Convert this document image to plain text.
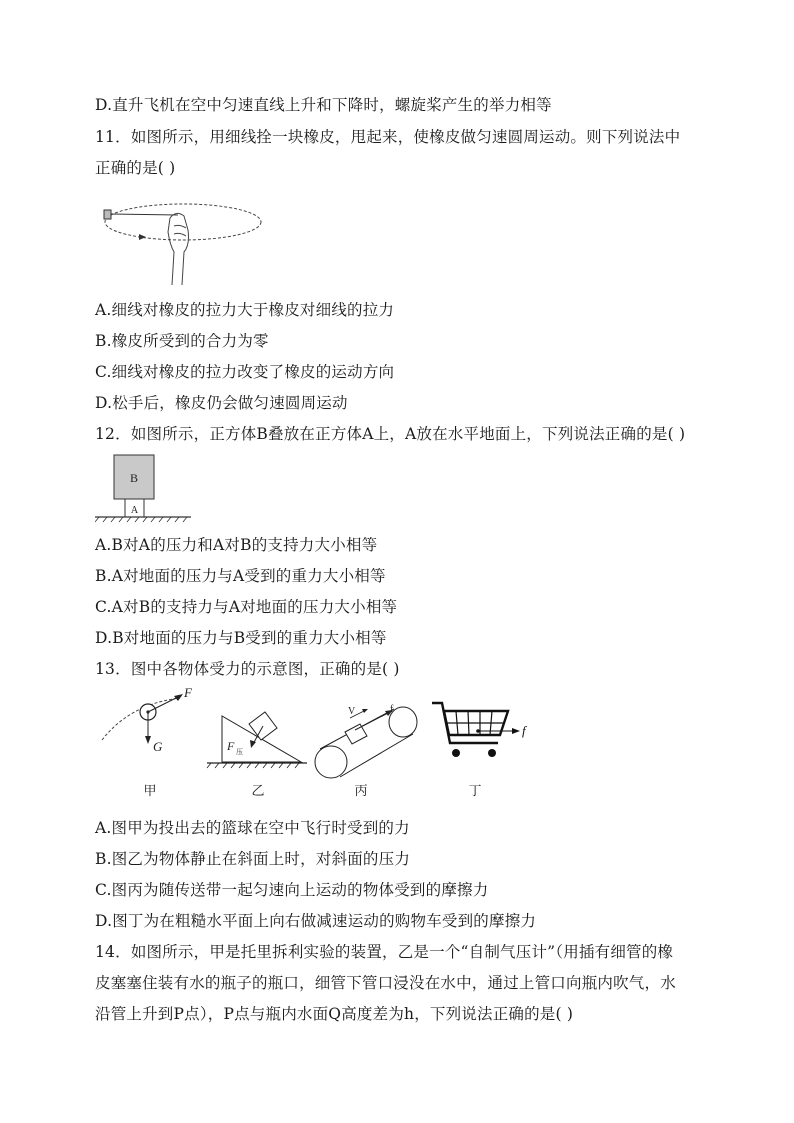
D.直升飞机在空中匀速直线上升和下降时，螺旋桨产生的举力相等
11．如图所示，用细线拴一块橡皮，甩起来，使橡皮做匀速圆周运动。则下列说法中
正确的是( )
A.细线对橡皮的拉力大于橡皮对细线的拉力
B.橡皮所受到的合力为零
C.细线对橡皮的拉力改变了橡皮的运动方向
D.松手后，橡皮仍会做匀速圆周运动
12．如图所示，正方体B叠放在正方体A上，A放在水平地面上，下列说法正确的是( )
B
A
A.B对A的压力和A对B的支持力大小相等
B.A对地面的压力与A受到的重力大小相等
C.A对B的支持力与A对地面的压力大小相等
D.B对地面的压力与B受到的重力大小相等
13．图中各物体受力的示意图，正确的是( )
F
G	F 压
V	f
f
甲	乙	丙	丁
A.图甲为投出去的篮球在空中飞行时受到的力
B.图乙为物体静止在斜面上时，对斜面的压力
C.图丙为随传送带一起匀速向上运动的物体受到的摩擦力
D.图丁为在粗糙水平面上向右做减速运动的购物车受到的摩擦力
14．如图所示，甲是托里拆利实验的装置，乙是一个“自制气压计”（用插有细管的橡
皮塞塞住装有水的瓶子的瓶口，细管下管口浸没在水中，通过上管口向瓶内吹气，水
沿管上升到P点），P点与瓶内水面Q高度差为h，下列说法正确的是( )
